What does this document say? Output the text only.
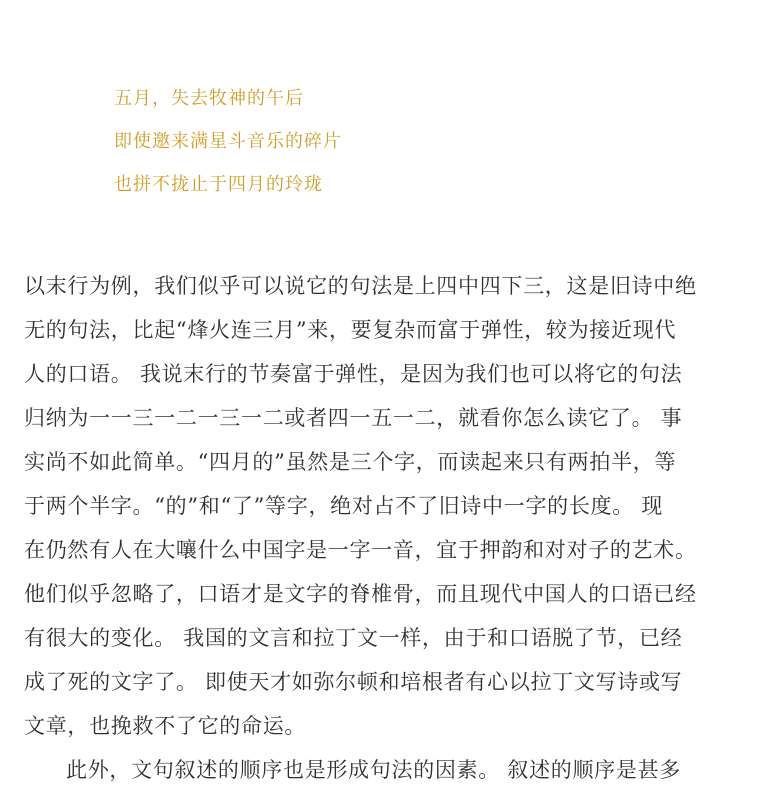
五月，失去牧神的午后
即使邀来满星斗音乐的碎片
也拼不拢止于四月的玲珑
以末行为例，我们似乎可以说它的句法是上四中四下三，这是旧诗中绝
无的句法，比起“烽火连三月”来，要复杂而富于弹性，较为接近现代
人的口语。 我说末行的节奏富于弹性，是因为我们也可以将它的句法
归纳为一一三一二一三一二或者四一五一二，就看你怎么读它了。 事
实尚不如此简单。“四月的”虽然是三个字，而读起来只有两拍半，等
于两个半字。“的”和“了”等字，绝对占不了旧诗中一字的长度。 现
在仍然有人在大嚷什么中国字是一字一音，宜于押韵和对对子的艺术。
他们似乎忽略了，口语才是文字的脊椎骨，而且现代中国人的口语已经
有很大的变化。 我国的文言和拉丁文一样，由于和口语脱了节，已经
成了死的文字了。 即使天才如弥尔顿和培根者有心以拉丁文写诗或写
文章，也挽救不了它的命运。
此外，文句叙述的顺序也是形成句法的因素。 叙述的顺序是甚多
